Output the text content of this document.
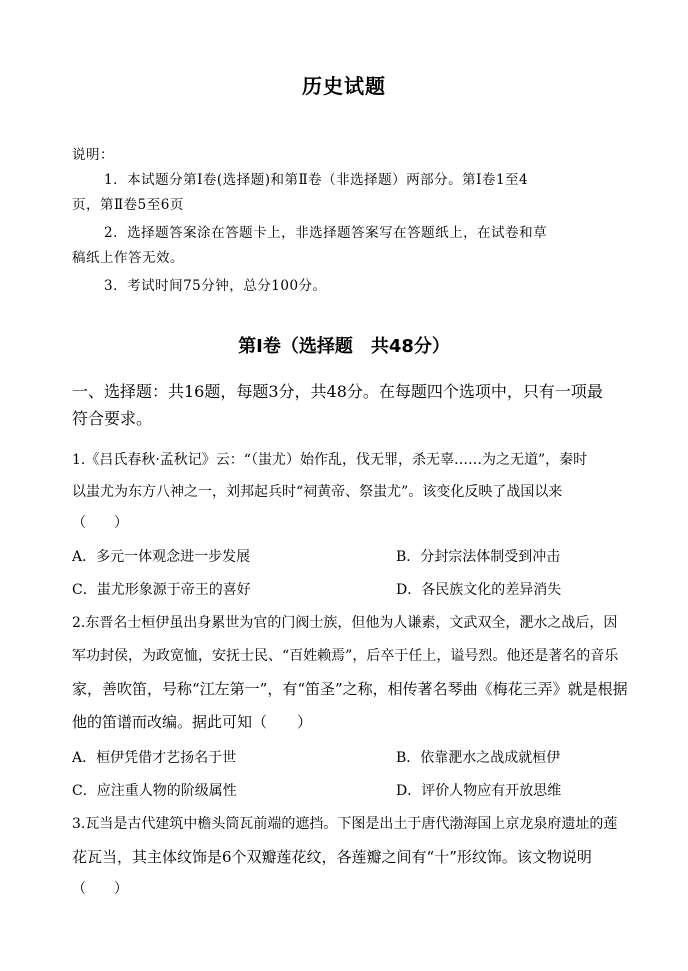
历史试题
说明：
1．本试题分第Ⅰ卷(选择题)和第Ⅱ卷（非选择题）两部分。第Ⅰ卷1至4
页，第Ⅱ卷5至6页
2．选择题答案涂在答题卡上，非选择题答案写在答题纸上，在试卷和草
稿纸上作答无效。
3．考试时间75分钟，总分100分。
第Ⅰ卷（选择题　共48分）
一、选择题：共16题，每题3分，共48分。在每题四个选项中，只有一项最
符合要求。
1.《吕氏春秋·孟秋记》云：“（蚩尤）始作乱，伐无罪，杀无辜……为之无道”，秦时
以蚩尤为东方八神之一，刘邦起兵时“祠黄帝、祭蚩尤”。该变化反映了战国以来
（　　）
A．多元一体观念进一步发展	B．分封宗法体制受到冲击
C．蚩尤形象源于帝王的喜好	D．各民族文化的差异消失
2.东晋名士桓伊虽出身累世为官的门阀士族，但他为人谦素，文武双全，淝水之战后，因
军功封侯，为政宽恤，安抚士民、“百姓赖焉”，后卒于任上，谥号烈。他还是著名的音乐
家，善吹笛，号称“江左第一”，有“笛圣”之称，相传著名琴曲《梅花三弄》就是根据
他的笛谱而改编。据此可知（　　）
A．桓伊凭借才艺扬名于世	B．依靠淝水之战成就桓伊
C．应注重人物的阶级属性	D．评价人物应有开放思维
3.瓦当是古代建筑中檐头筒瓦前端的遮挡。下图是出土于唐代渤海国上京龙泉府遗址的莲
花瓦当，其主体纹饰是6个双瓣莲花纹，各莲瓣之间有“十”形纹饰。该文物说明
（　　）
